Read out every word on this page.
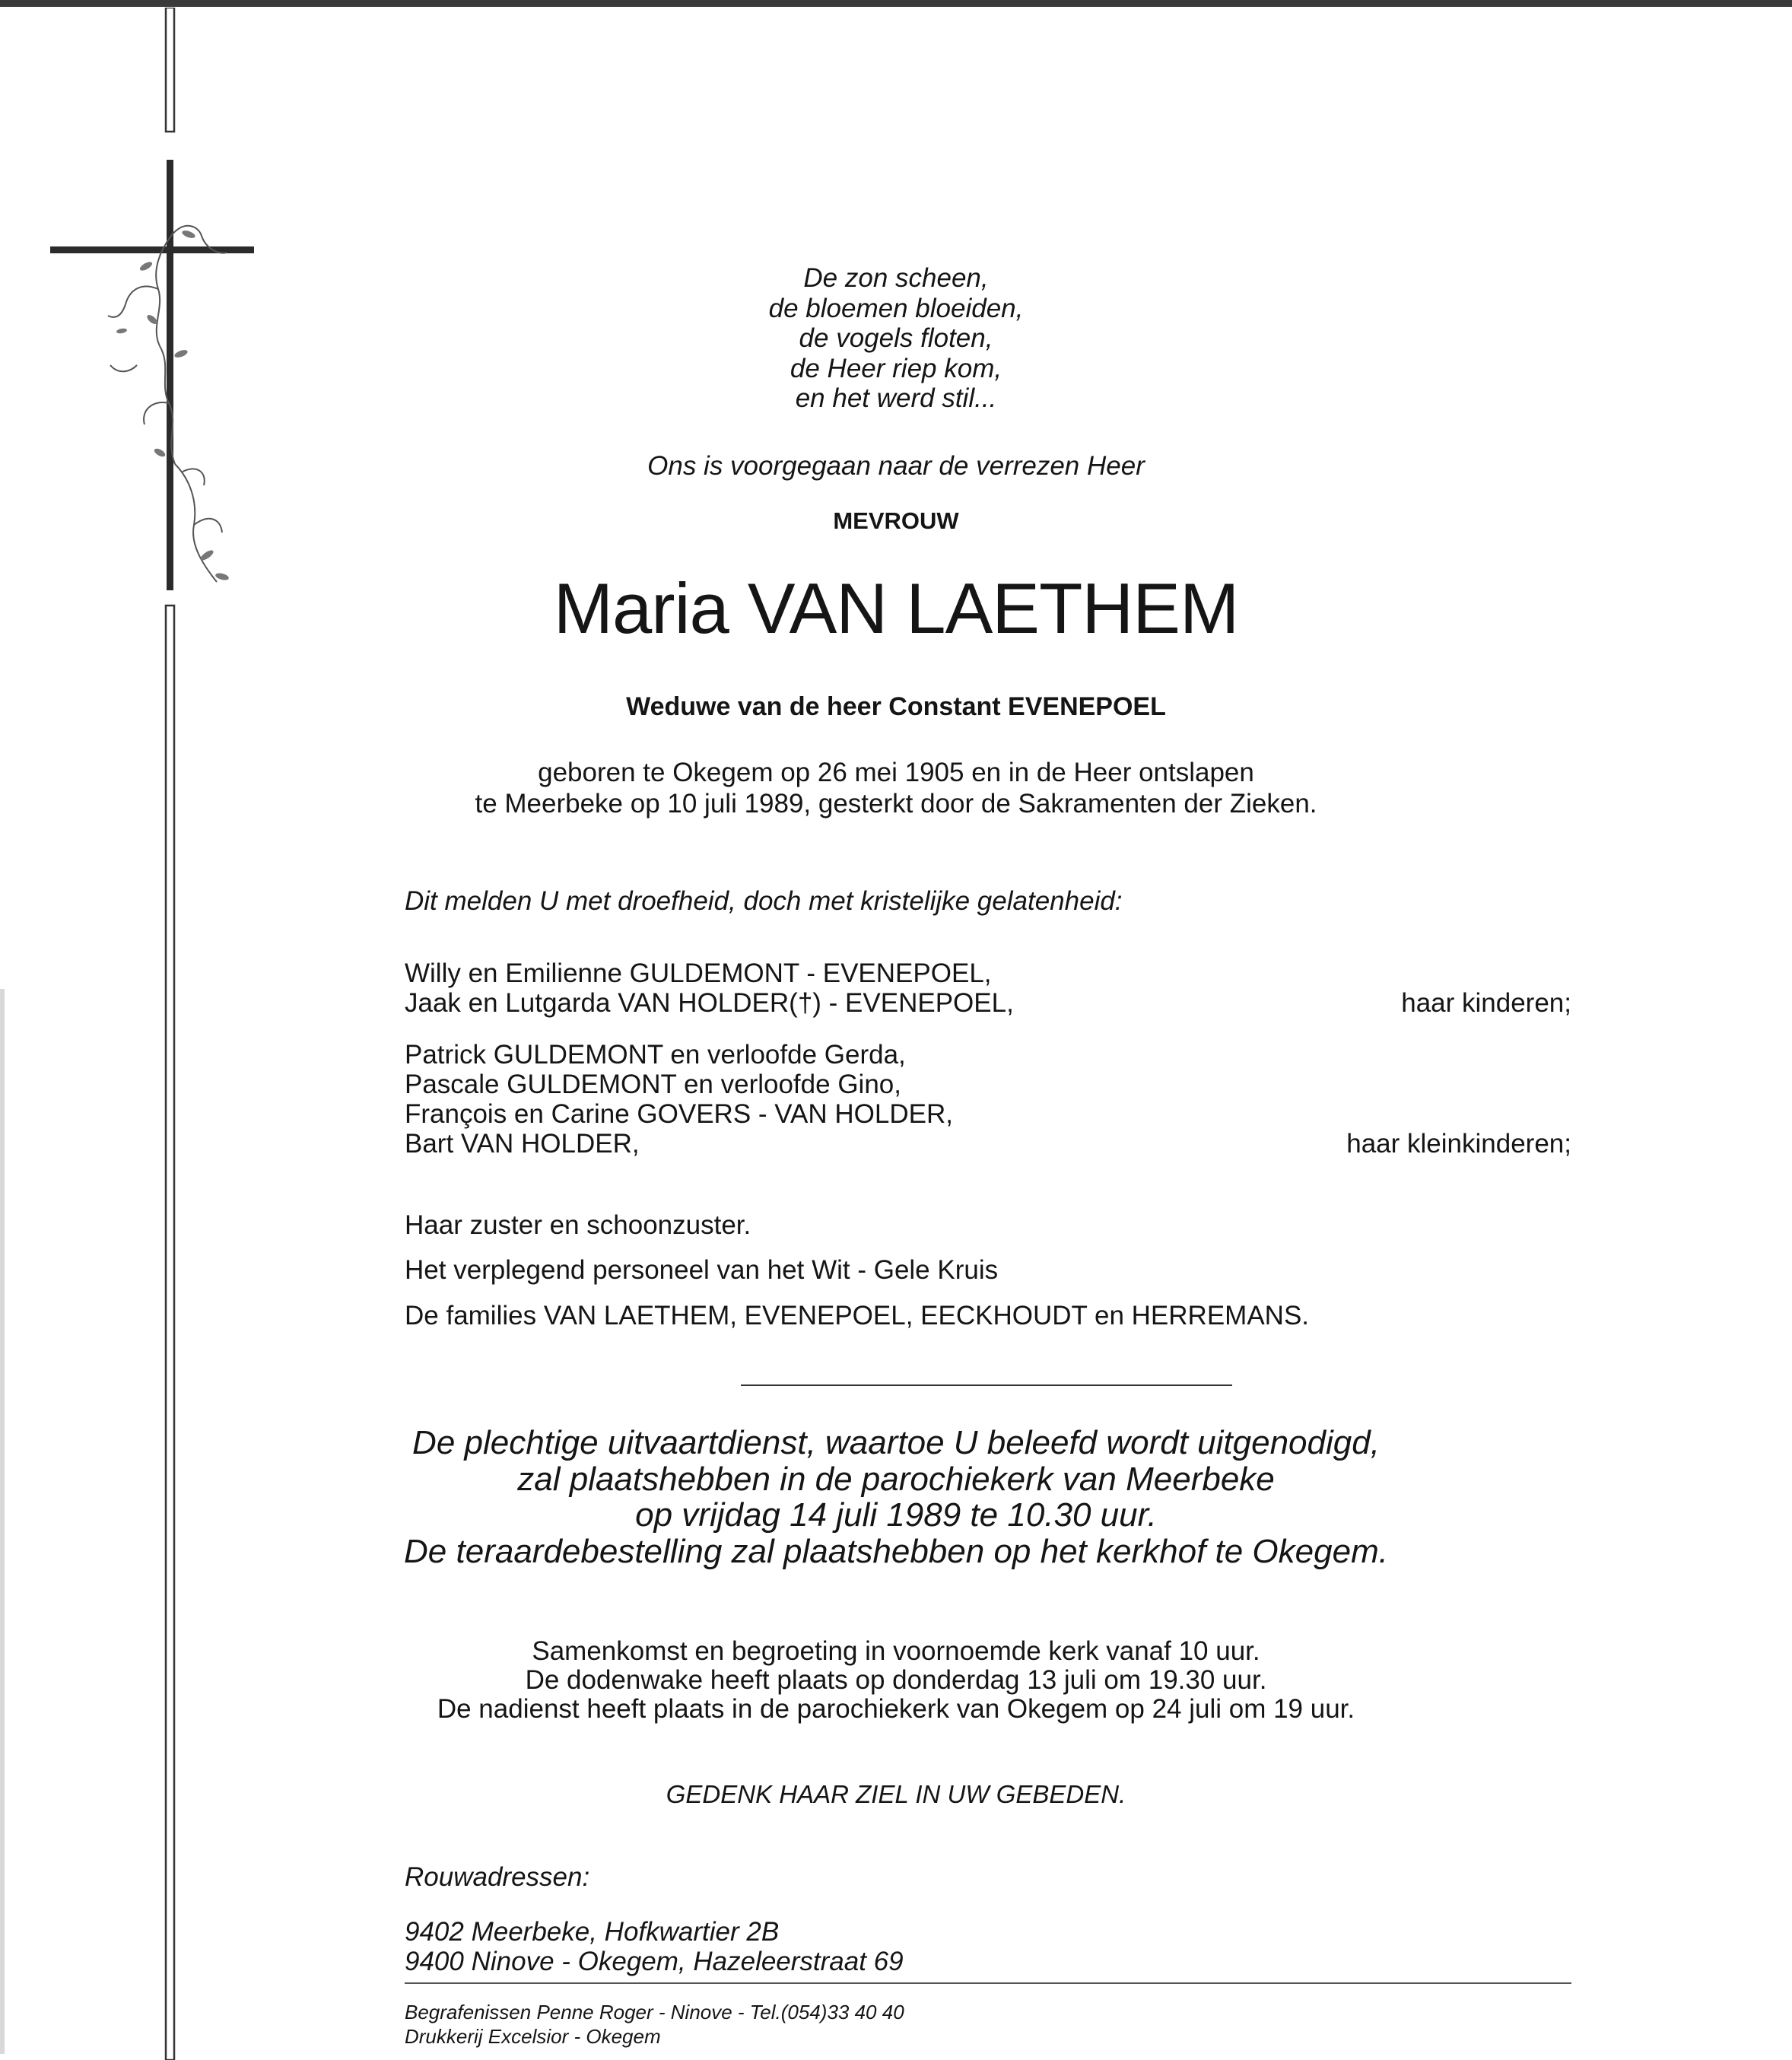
De zon scheen,
de bloemen bloeiden,
de vogels floten,
de Heer riep kom,
en het werd stil...
Ons is voorgegaan naar de verrezen Heer
MEVROUW
Maria VAN LAETHEM
Weduwe van de heer Constant EVENEPOEL
geboren te Okegem op 26 mei 1905 en in de Heer ontslapen
te Meerbeke op 10 juli 1989, gesterkt door de Sakramenten der Zieken.
Dit melden U met droefheid, doch met kristelijke gelatenheid:
Willy en Emilienne GULDEMONT - EVENEPOEL,
Jaak en Lutgarda VAN HOLDER(†) - EVENEPOEL,	haar kinderen;
Patrick GULDEMONT en verloofde Gerda,
Pascale GULDEMONT en verloofde Gino,
François en Carine GOVERS - VAN HOLDER,
Bart VAN HOLDER,	haar kleinkinderen;
Haar zuster en schoonzuster.
Het verplegend personeel van het Wit - Gele Kruis
De families VAN LAETHEM, EVENEPOEL, EECKHOUDT en HERREMANS.
De plechtige uitvaartdienst, waartoe U beleefd wordt uitgenodigd,
zal plaatshebben in de parochiekerk van Meerbeke
op vrijdag 14 juli 1989 te 10.30 uur.
De teraardebestelling zal plaatshebben op het kerkhof te Okegem.
Samenkomst en begroeting in voornoemde kerk vanaf 10 uur.
De dodenwake heeft plaats op donderdag 13 juli om 19.30 uur.
De nadienst heeft plaats in de parochiekerk van Okegem op 24 juli om 19 uur.
GEDENK HAAR ZIEL IN UW GEBEDEN.
Rouwadressen:
9402 Meerbeke, Hofkwartier 2B
9400 Ninove - Okegem, Hazeleerstraat 69
Begrafenissen Penne Roger - Ninove - Tel.(054)33 40 40
Drukkerij Excelsior - Okegem
